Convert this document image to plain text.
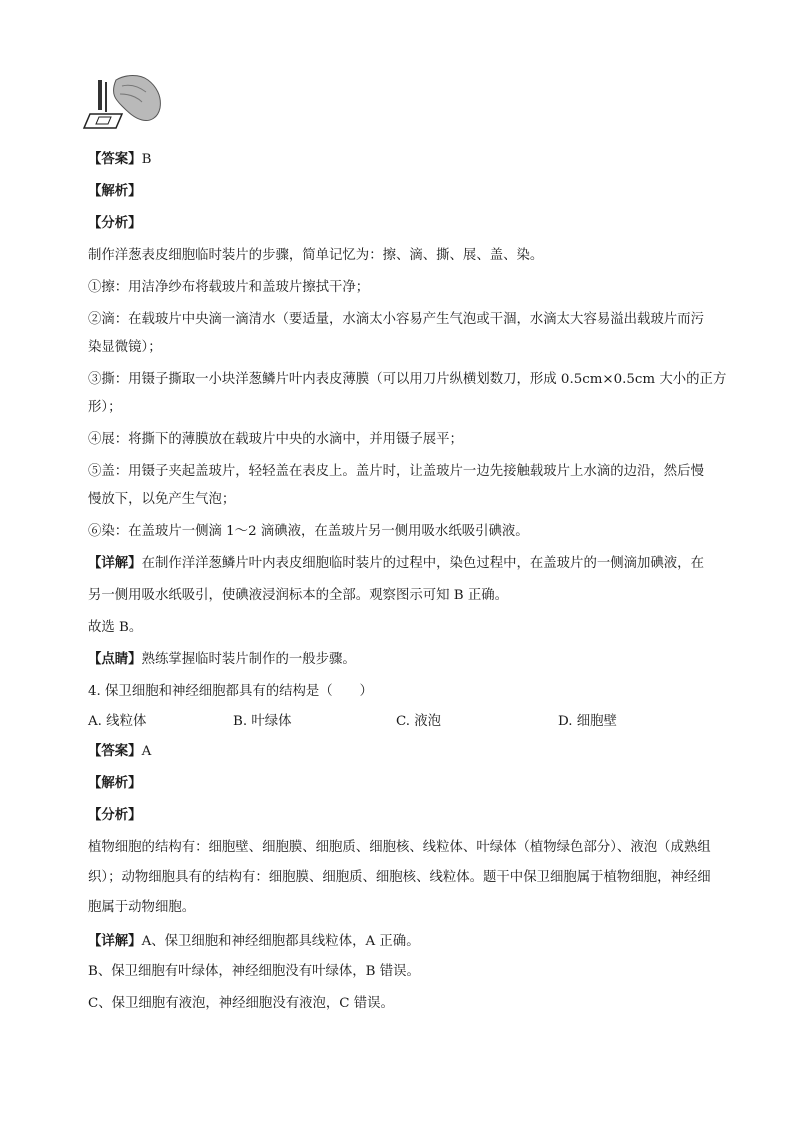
【答案】B
【解析】
【分析】
制作洋葱表皮细胞临时装片的步骤，简单记忆为：擦、滴、撕、展、盖、染。
①擦：用洁净纱布将载玻片和盖玻片擦拭干净；
②滴：在载玻片中央滴一滴清水（要适量，水滴太小容易产生气泡或干涸，水滴太大容易溢出载玻片而污
染显微镜）；
③撕：用镊子撕取一小块洋葱鳞片叶内表皮薄膜（可以用刀片纵横划数刀，形成 0.5cm×0.5cm 大小的正方
形）；
④展：将撕下的薄膜放在载玻片中央的水滴中，并用镊子展平；
⑤盖：用镊子夹起盖玻片，轻轻盖在表皮上。盖片时，让盖玻片一边先接触载玻片上水滴的边沿，然后慢
慢放下，以免产生气泡；
⑥染：在盖玻片一侧滴 1～2 滴碘液，在盖玻片另一侧用吸水纸吸引碘液。
【详解】在制作洋洋葱鳞片叶内表皮细胞临时装片的过程中，染色过程中，在盖玻片的一侧滴加碘液，在
另一侧用吸水纸吸引，使碘液浸润标本的全部。观察图示可知 B 正确。
故选 B。
【点睛】熟练掌握临时装片制作的一般步骤。
4. 保卫细胞和神经细胞都具有的结构是（　　）
A. 线粒体	B. 叶绿体	C. 液泡	D. 细胞壁
【答案】A
【解析】
【分析】
植物细胞的结构有：细胞壁、细胞膜、细胞质、细胞核、线粒体、叶绿体（植物绿色部分）、液泡（成熟组
织）；动物细胞具有的结构有：细胞膜、细胞质、细胞核、线粒体。题干中保卫细胞属于植物细胞，神经细
胞属于动物细胞。
【详解】A、保卫细胞和神经细胞都具线粒体，A 正确。
B、保卫细胞有叶绿体，神经细胞没有叶绿体，B 错误。
C、保卫细胞有液泡，神经细胞没有液泡，C 错误。
